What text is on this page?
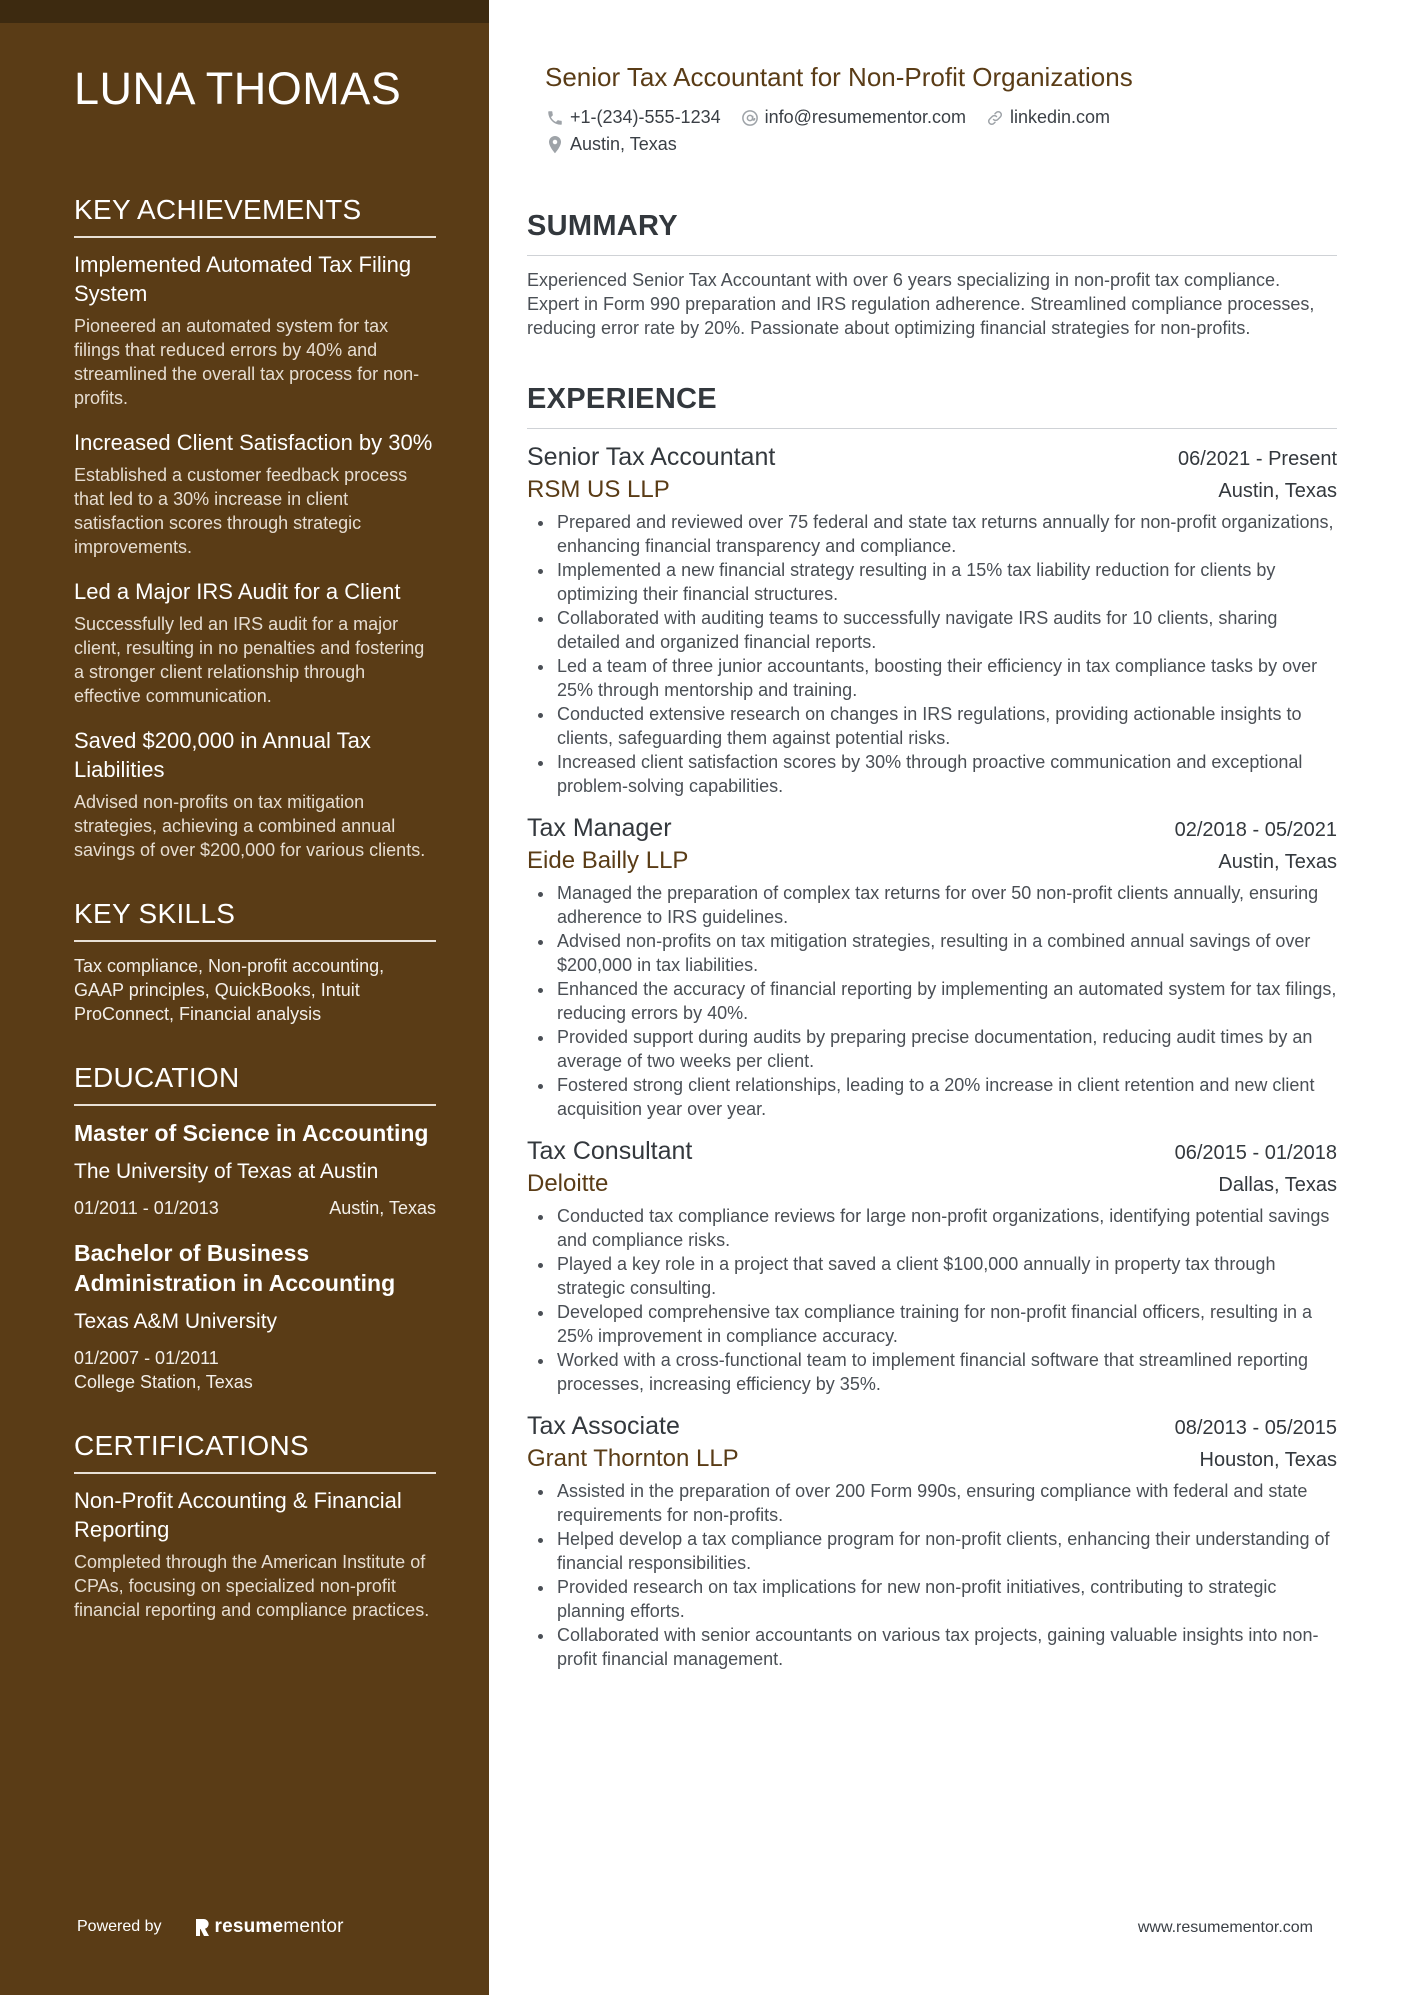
LUNA THOMAS
KEY ACHIEVEMENTS
Implemented Automated Tax Filing System
Pioneered an automated system for tax filings that reduced errors by 40% and streamlined the overall tax process for non-profits.
Increased Client Satisfaction by 30%
Established a customer feedback process that led to a 30% increase in client satisfaction scores through strategic improvements.
Led a Major IRS Audit for a Client
Successfully led an IRS audit for a major client, resulting in no penalties and fostering a stronger client relationship through effective communication.
Saved $200,000 in Annual Tax Liabilities
Advised non-profits on tax mitigation strategies, achieving a combined annual savings of over $200,000 for various clients.
KEY SKILLS
Tax compliance, Non-profit accounting, GAAP principles, QuickBooks, Intuit ProConnect, Financial analysis
EDUCATION
Master of Science in Accounting
The University of Texas at Austin
01/2011 - 01/2013	Austin, Texas
Bachelor of Business Administration in Accounting
Texas A&M University
01/2007 - 01/2011
College Station, Texas
CERTIFICATIONS
Non-Profit Accounting & Financial Reporting
Completed through the American Institute of CPAs, focusing on specialized non-profit financial reporting and compliance practices.
Powered by	resume mentor
Senior Tax Accountant for Non-Profit Organizations
+1-(234)-555-1234 info@resumementor.com linkedin.com
Austin, Texas
SUMMARY
Experienced Senior Tax Accountant with over 6 years specializing in non-profit tax compliance. Expert in Form 990 preparation and IRS regulation adherence. Streamlined compliance processes, reducing error rate by 20%. Passionate about optimizing financial strategies for non-profits.
EXPERIENCE
Senior Tax Accountant	06/2021 - Present
RSM US LLP	Austin, Texas
• Prepared and reviewed over 75 federal and state tax returns annually for non-profit organizations, enhancing financial transparency and compliance.
• Implemented a new financial strategy resulting in a 15% tax liability reduction for clients by optimizing their financial structures.
• Collaborated with auditing teams to successfully navigate IRS audits for 10 clients, sharing detailed and organized financial reports.
• Led a team of three junior accountants, boosting their efficiency in tax compliance tasks by over 25% through mentorship and training.
• Conducted extensive research on changes in IRS regulations, providing actionable insights to clients, safeguarding them against potential risks.
• Increased client satisfaction scores by 30% through proactive communication and exceptional problem-solving capabilities.
Tax Manager	02/2018 - 05/2021
Eide Bailly LLP	Austin, Texas
• Managed the preparation of complex tax returns for over 50 non-profit clients annually, ensuring adherence to IRS guidelines.
• Advised non-profits on tax mitigation strategies, resulting in a combined annual savings of over $200,000 in tax liabilities.
• Enhanced the accuracy of financial reporting by implementing an automated system for tax filings, reducing errors by 40%.
• Provided support during audits by preparing precise documentation, reducing audit times by an average of two weeks per client.
• Fostered strong client relationships, leading to a 20% increase in client retention and new client acquisition year over year.
Tax Consultant	06/2015 - 01/2018
Deloitte	Dallas, Texas
• Conducted tax compliance reviews for large non-profit organizations, identifying potential savings and compliance risks.
• Played a key role in a project that saved a client $100,000 annually in property tax through strategic consulting.
• Developed comprehensive tax compliance training for non-profit financial officers, resulting in a 25% improvement in compliance accuracy.
• Worked with a cross-functional team to implement financial software that streamlined reporting processes, increasing efficiency by 35%.
Tax Associate	08/2013 - 05/2015
Grant Thornton LLP	Houston, Texas
• Assisted in the preparation of over 200 Form 990s, ensuring compliance with federal and state requirements for non-profits.
• Helped develop a tax compliance program for non-profit clients, enhancing their understanding of financial responsibilities.
• Provided research on tax implications for new non-profit initiatives, contributing to strategic planning efforts.
• Collaborated with senior accountants on various tax projects, gaining valuable insights into non-profit financial management.
www.resumementor.com
